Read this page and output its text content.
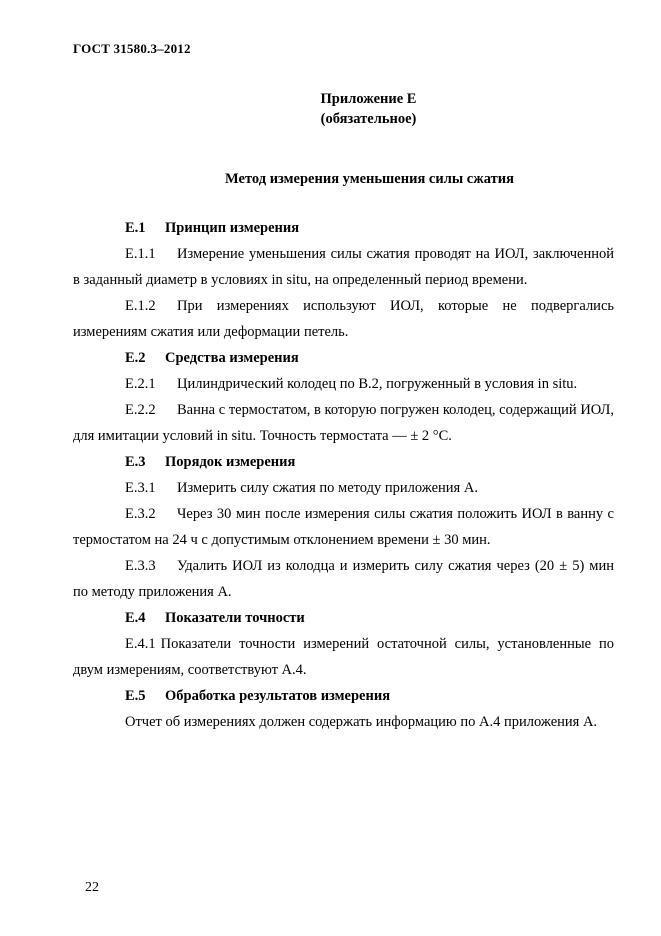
ГОСТ 31580.3–2012
Приложение Е
(обязательное)
Метод измерения уменьшения силы сжатия

Е.1 Принцип измерения

Е.1.1 Измерение уменьшения силы сжатия проводят на ИОЛ, заключенной в заданный диаметр в условиях in situ, на определенный период времени.

Е.1.2 При измерениях используют ИОЛ, которые не подвергались измерениям сжатия или деформации петель.

Е.2 Средства измерения

Е.2.1 Цилиндрический колодец по В.2, погруженный в условия in situ.

Е.2.2 Ванна с термостатом, в которую погружен колодец, содержащий ИОЛ, для имитации условий in situ. Точность термостата — ± 2 °С.

Е.3 Порядок измерения

Е.3.1 Измерить силу сжатия по методу приложения А.

Е.3.2 Через 30 мин после измерения силы сжатия положить ИОЛ в ванну с термостатом на 24 ч с допустимым отклонением времени ± 30 мин.

Е.3.3 Удалить ИОЛ из колодца и измерить силу сжатия через (20 ± 5) мин по методу приложения А.

Е.4 Показатели точности

Е.4.1 Показатели точности измерений остаточной силы, установленные по двум измерениям, соответствуют А.4.

Е.5 Обработка результатов измерения

Отчет об измерениях должен содержать информацию по А.4 приложения А.

22
